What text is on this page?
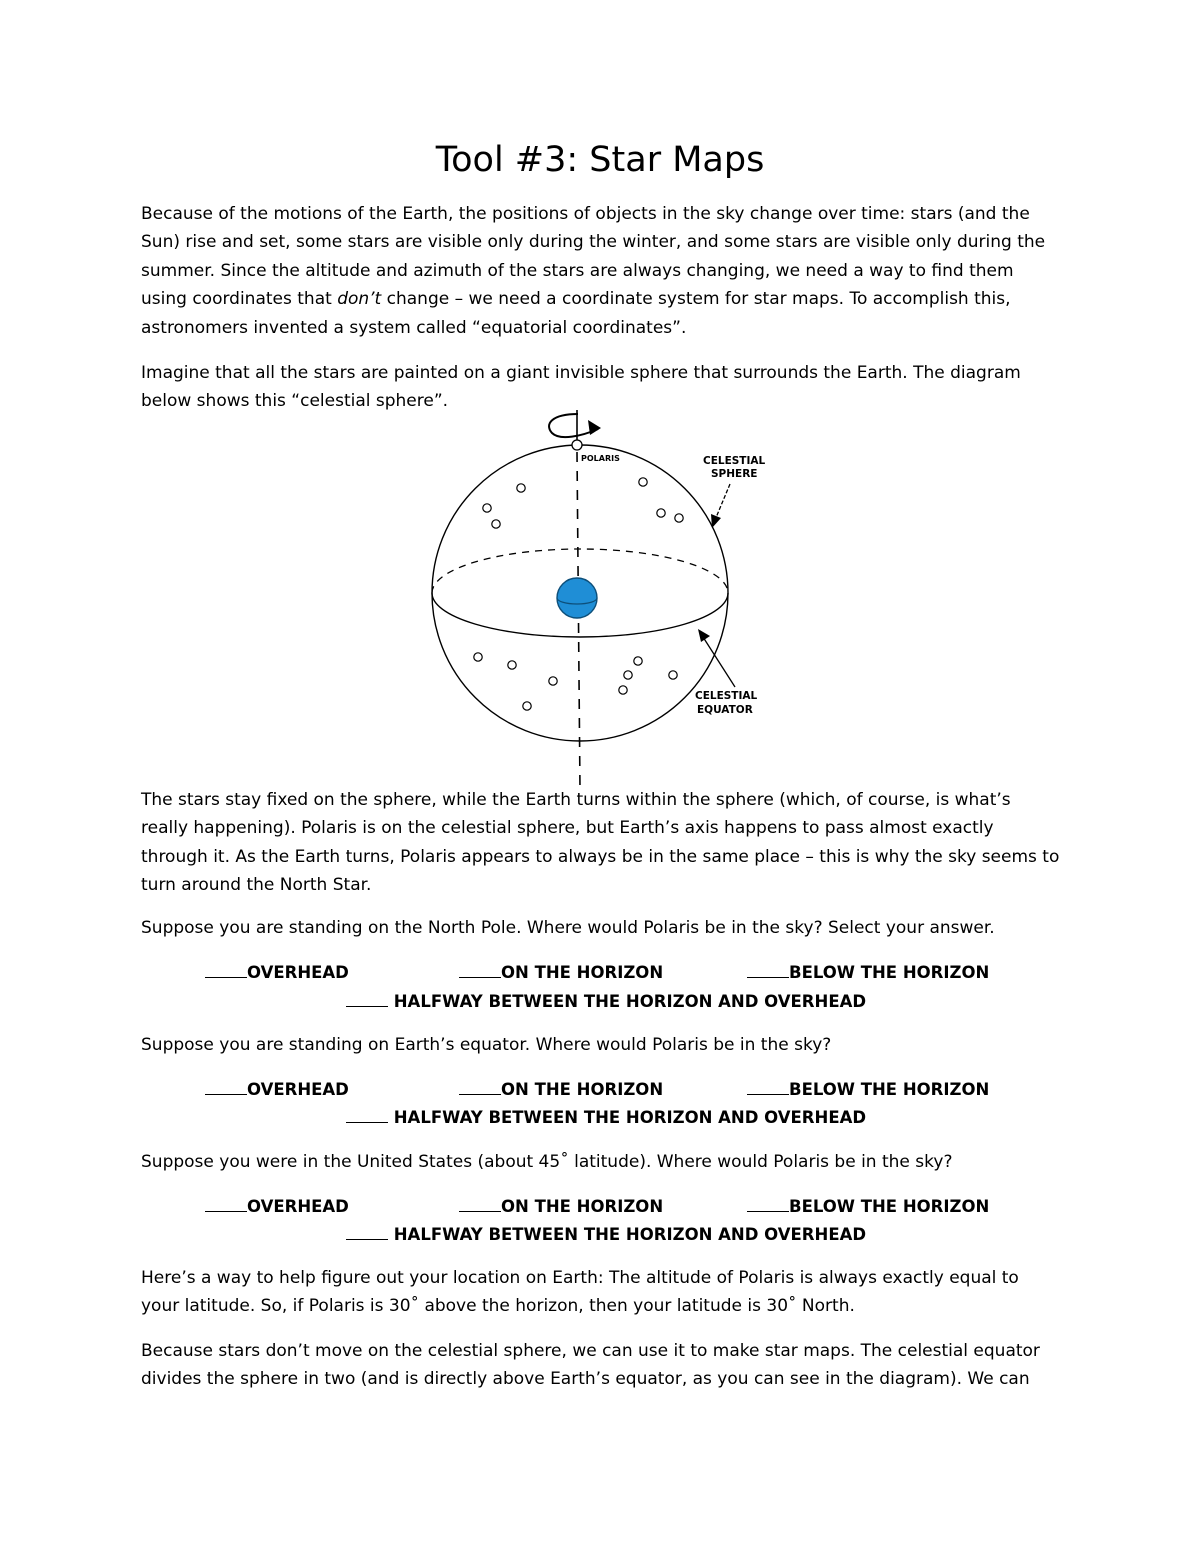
Tool #3: Star Maps

Because of the motions of the Earth, the positions of objects in the sky change over time: stars (and the Sun) rise and set, some stars are visible only during the winter, and some stars are visible only during the summer. Since the altitude and azimuth of the stars are always changing, we need a way to find them using coordinates that don’t change – we need a coordinate system for star maps. To accomplish this, astronomers invented a system called “equatorial coordinates”.

Imagine that all the stars are painted on a giant invisible sphere that surrounds the Earth. The diagram below shows this “celestial sphere”.

POLARIS	CELESTIAL
SPHERE
CELESTIAL
EQUATOR

The stars stay fixed on the sphere, while the Earth turns within the sphere (which, of course, is what’s really happening). Polaris is on the celestial sphere, but Earth’s axis happens to pass almost exactly through it. As the Earth turns, Polaris appears to always be in the same place – this is why the sky seems to turn around the North Star.

Suppose you are standing on the North Pole. Where would Polaris be in the sky? Select your answer.

OVERHEAD	ON THE HORIZON	BELOW THE HORIZON
HALFWAY BETWEEN THE HORIZON AND OVERHEAD

Suppose you are standing on Earth’s equator. Where would Polaris be in the sky?

OVERHEAD	ON THE HORIZON	BELOW THE HORIZON
HALFWAY BETWEEN THE HORIZON AND OVERHEAD

Suppose you were in the United States (about 45˚ latitude). Where would Polaris be in the sky?

OVERHEAD	ON THE HORIZON	BELOW THE HORIZON
HALFWAY BETWEEN THE HORIZON AND OVERHEAD

Here’s a way to help figure out your location on Earth: The altitude of Polaris is always exactly equal to your latitude. So, if Polaris is 30˚ above the horizon, then your latitude is 30˚ North.

Because stars don’t move on the celestial sphere, we can use it to make star maps. The celestial equator divides the sphere in two (and is directly above Earth’s equator, as you can see in the diagram). We can
